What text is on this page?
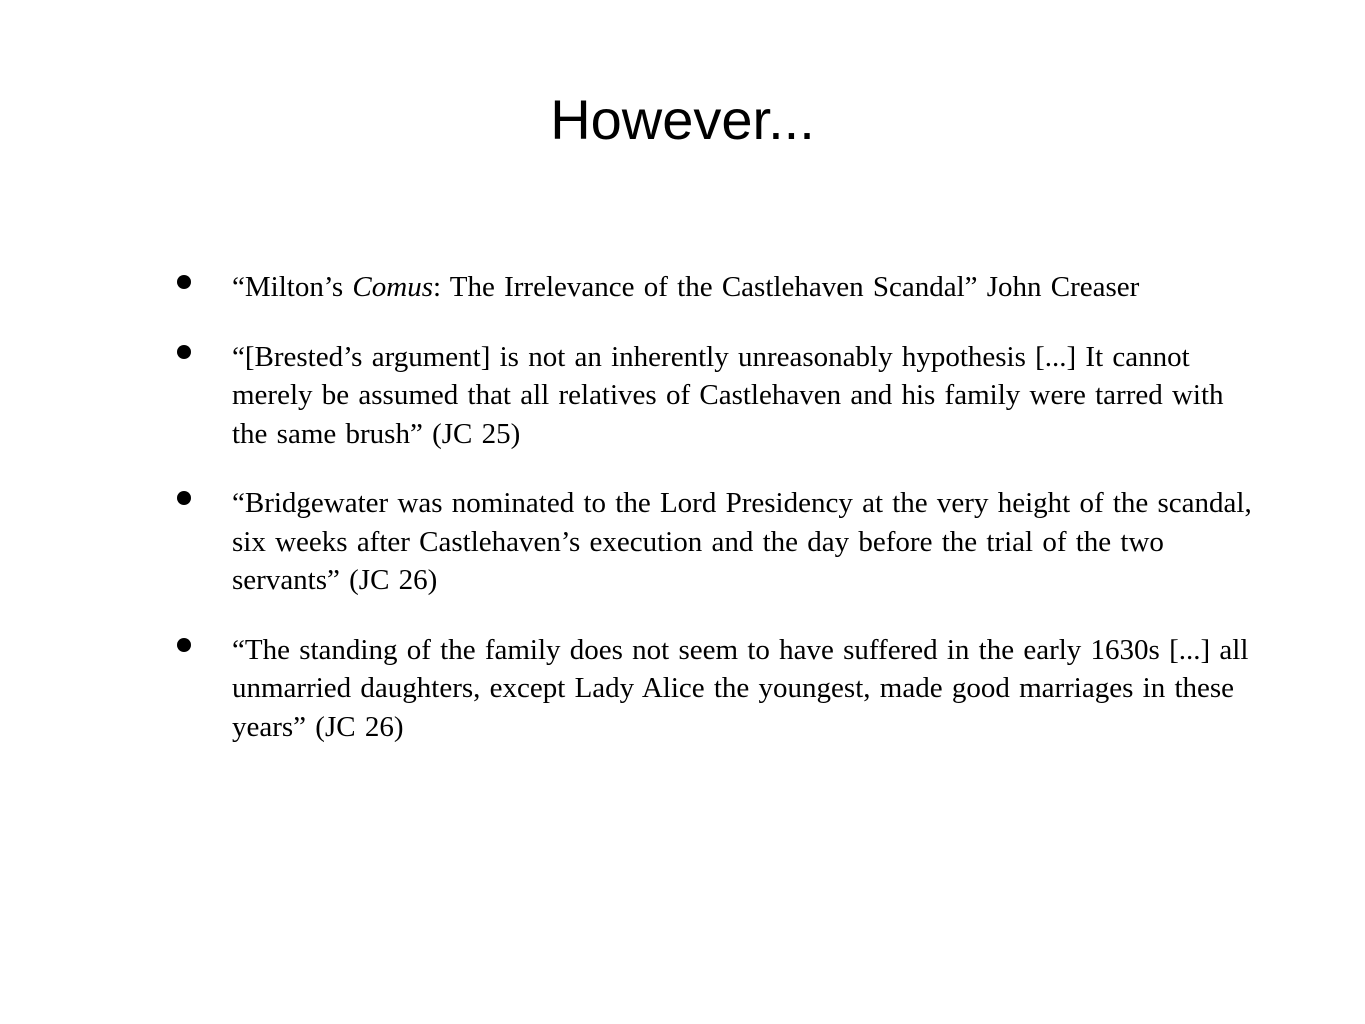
However...
“Milton’s Comus: The Irrelevance of the Castlehaven Scandal” John Creaser
“[Brested’s argument] is not an inherently unreasonably hypothesis [...] It cannot merely be assumed that all relatives of Castlehaven and his family were tarred with the same brush” (JC 25)
“Bridgewater was nominated to the Lord Presidency at the very height of the scandal, six weeks after Castlehaven’s execution and the day before the trial of the two servants” (JC 26)
“The standing of the family does not seem to have suffered in the early 1630s [...] all unmarried daughters, except Lady Alice the youngest, made good marriages in these years” (JC 26)
